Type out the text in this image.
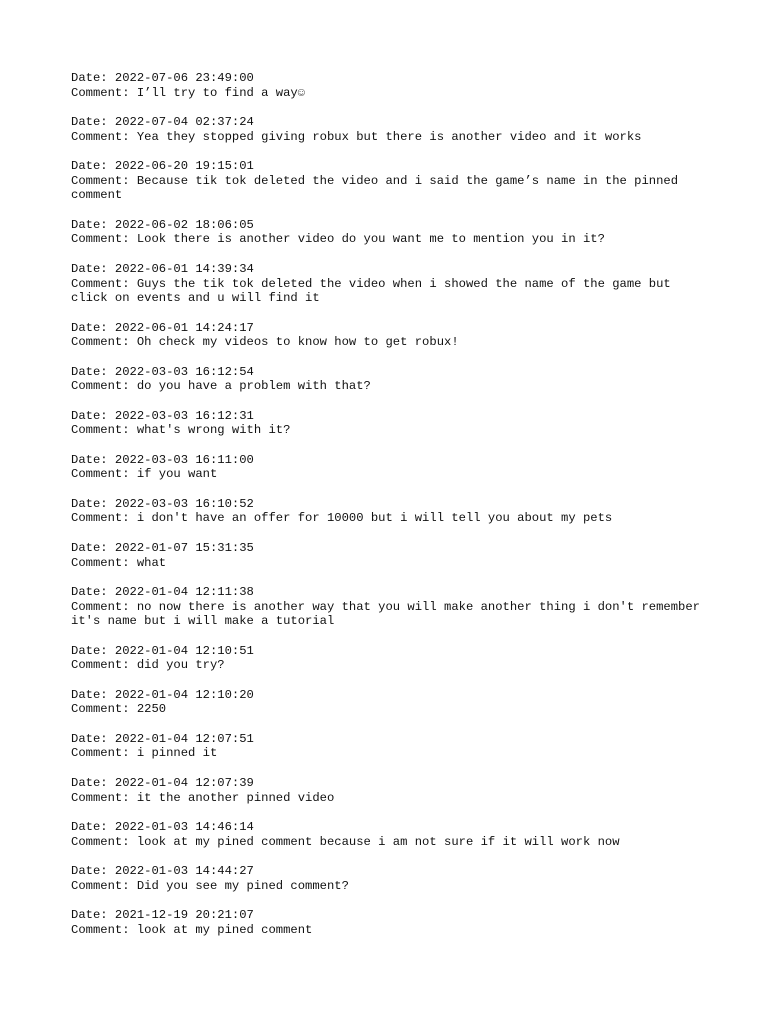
Date: 2022-07-06 23:49:00
Comment: I’ll try to find a way☺
Date: 2022-07-04 02:37:24
Comment: Yea they stopped giving robux but there is another video and it works
Date: 2022-06-20 19:15:01
Comment: Because tik tok deleted the video and i said the game’s name in the pinned comment
Date: 2022-06-02 18:06:05
Comment: Look there is another video do you want me to mention you in it?
Date: 2022-06-01 14:39:34
Comment: Guys the tik tok deleted the video when i showed the name of the game but click on events and u will find it
Date: 2022-06-01 14:24:17
Comment: Oh check my videos to know how to get robux!
Date: 2022-03-03 16:12:54
Comment: do you have a problem with that?
Date: 2022-03-03 16:12:31
Comment: what's wrong with it?
Date: 2022-03-03 16:11:00
Comment: if you want
Date: 2022-03-03 16:10:52
Comment: i don't have an offer for 10000 but i will tell you about my pets
Date: 2022-01-07 15:31:35
Comment: what
Date: 2022-01-04 12:11:38
Comment: no now there is another way that you will make another thing i don't remember it's name but i will make a tutorial
Date: 2022-01-04 12:10:51
Comment: did you try?
Date: 2022-01-04 12:10:20
Comment: 2250
Date: 2022-01-04 12:07:51
Comment: i pinned it
Date: 2022-01-04 12:07:39
Comment: it the another pinned video
Date: 2022-01-03 14:46:14
Comment: look at my pined comment because i am not sure if it will work now
Date: 2022-01-03 14:44:27
Comment: Did you see my pined comment?
Date: 2021-12-19 20:21:07
Comment: look at my pined comment
